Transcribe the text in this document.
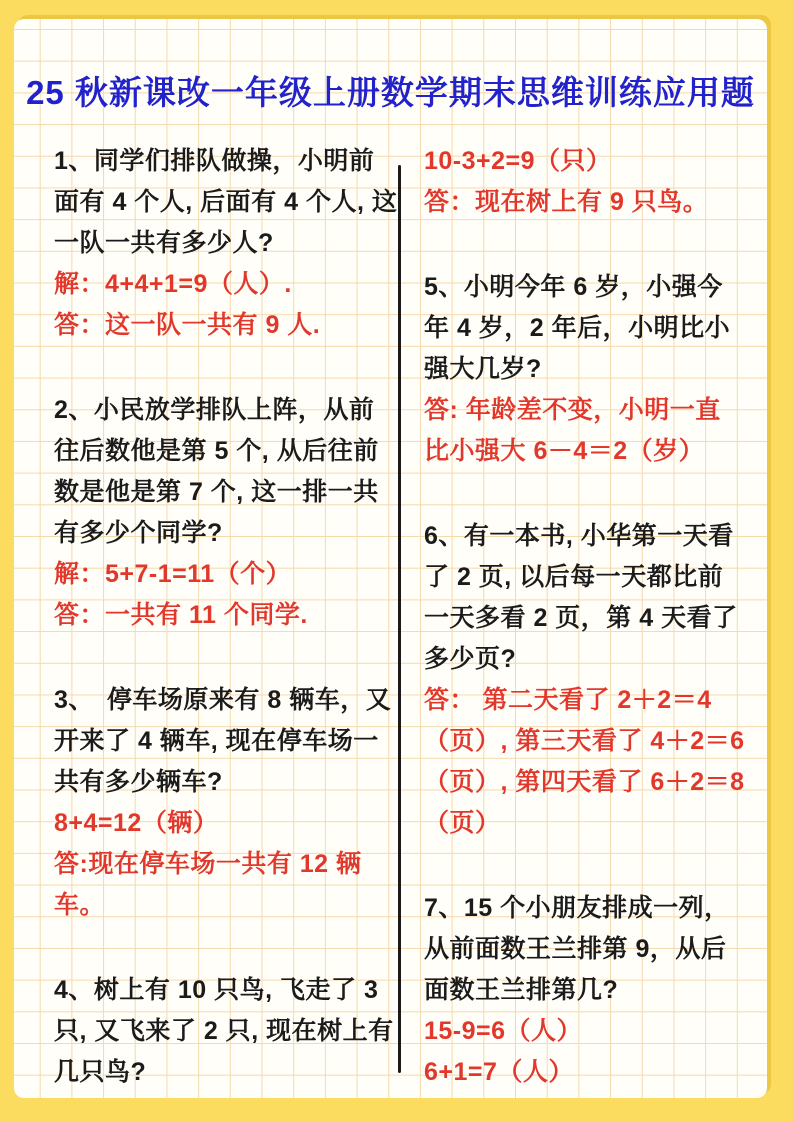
25 秋新课改一年级上册数学期末思维训练应用题

1、同学们排队做操，小明前面有 4 个人, 后面有 4 个人, 这一队一共有多少人?

解：4+4+1=9（人）.

答：这一队一共有 9 人.

2、小民放学排队上阵，从前往后数他是第 5 个, 从后往前数是他是第 7 个, 这一排一共有多少个同学?

解：5+7-1=11（个）

答：一共有 11 个同学.

3、　停车场原来有 8 辆车，又开来了 4 辆车, 现在停车场一共有多少辆车?

8+4=12（辆）

答:现在停车场一共有 12 辆车。

4、树上有 10 只鸟, 飞走了 3 只, 又飞来了 2 只, 现在树上有几只鸟?

10-3+2=9（只）

答：现在树上有 9 只鸟。

5、小明今年 6 岁，小强今年 4 岁，2 年后，小明比小强大几岁?

答: 年龄差不变，小明一直比小强大 6－4＝2（岁）

6、有一本书, 小华第一天看了 2 页, 以后每一天都比前一天多看 2 页，第 4 天看了多少页?

答： 第二天看了 2＋2＝4（页）, 第三天看了 4＋2＝6（页）, 第四天看了 6＋2＝8（页）

7、15 个小朋友排成一列，从前面数王兰排第 9，从后面数王兰排第几?

15-9=6（人）

6+1=7（人）
